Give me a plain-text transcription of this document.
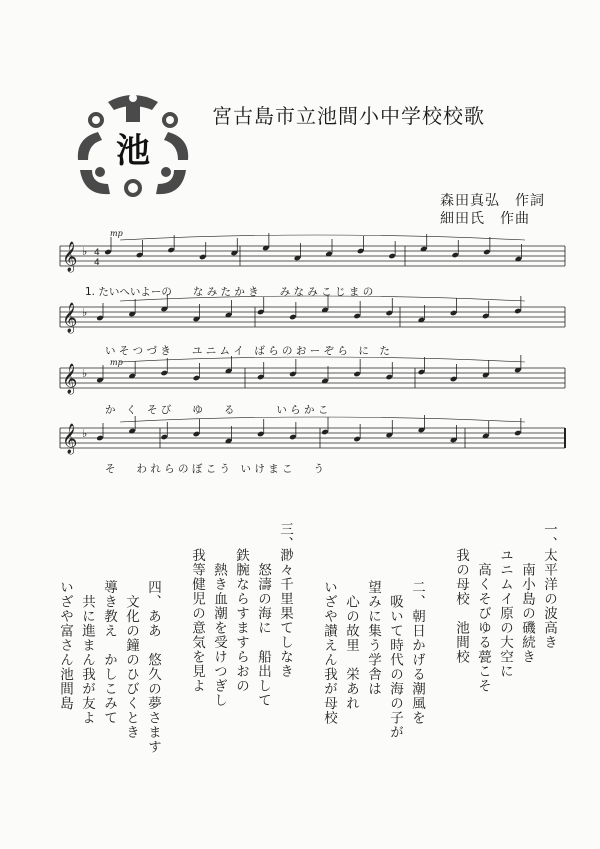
池
宮古島市立池間小中学校校歌
森田真弘　作詞
細田氏　作曲
𝄞 ♭ 4
4
𝄞 ♭
𝄞 ♭
𝄞 ♭
mp
mp
1. たいへいよーの　　な み た か き　　み な み こ じ ま の
い そ つ づ き　　ユ ニ ム イ　ば ら の お ー ぞ ら　に　た
か　く　そ び　　ゆ　　る　　　　い ら か こ
そ　　わ れ ら の ぼ こ う　い け ま こ　　う
一、
太平洋の波高き
　南小島の磯続き
ユニムイ原の大空に
　高くそびゆる甍こそ
我の母校　池間校
二、朝日かげる潮風を
　吸いて時代の海の子が
望みに集う学舎は
　心の故里　栄あれ
いざや讃えん我が母校
三、
渺々千里果てしなき
　怒濤の海に　船出して
鉄腕ならすますらおの
　熱き血潮を受けつぎし
我等健児の意気を見よ
四、ああ　悠久の夢さます
　文化の鐘のひびくとき
導き教え　かしこみて
　共に進まん我が友よ
いざや富さん池間島
